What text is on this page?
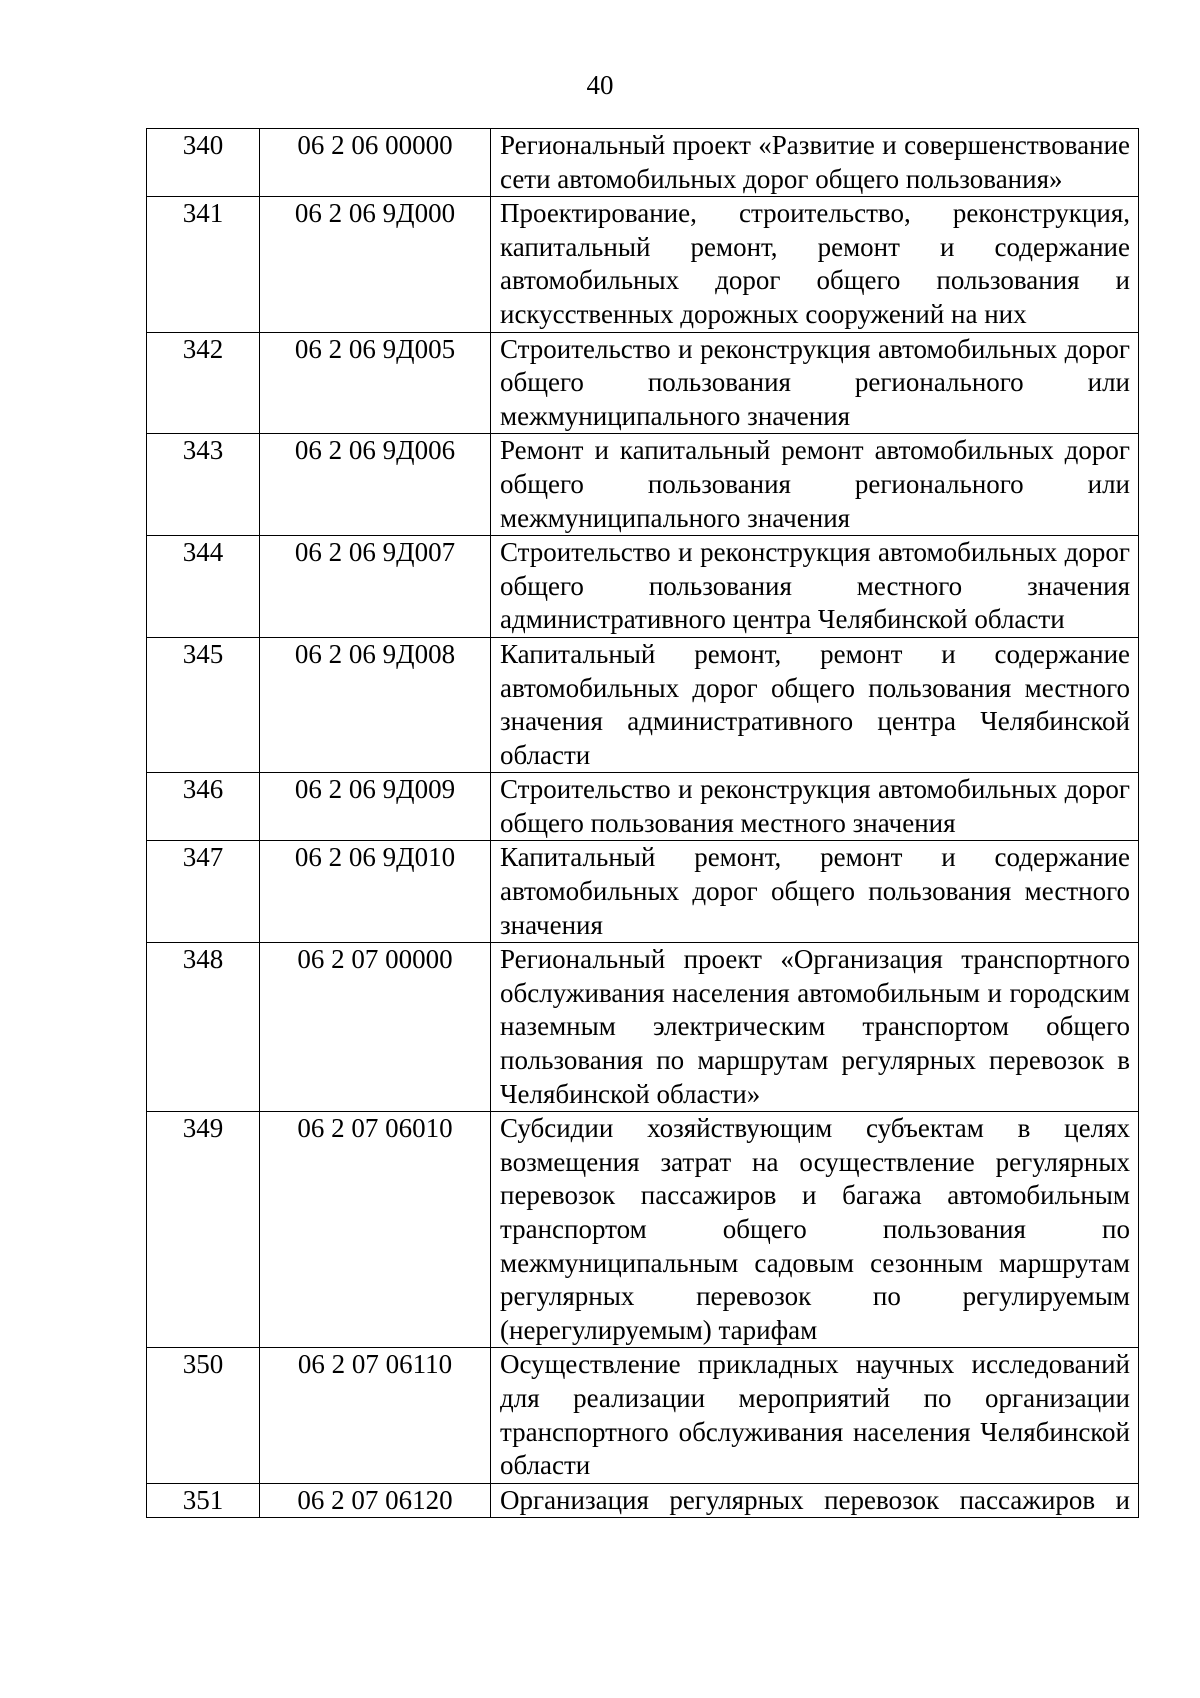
40
340	06 2 06 00000	Региональный проект «Развитие и совершенствование сети автомобильных дорог общего пользования»
341	06 2 06 9Д000	Проектирование, строительство, реконструкция, капитальный ремонт, ремонт и содержание автомобильных дорог общего пользования и искусственных дорожных сооружений на них
342	06 2 06 9Д005	Строительство и реконструкция автомобильных дорог общего пользования регионального или межмуниципального значения
343	06 2 06 9Д006	Ремонт и капитальный ремонт автомобильных дорог общего пользования регионального или межмуниципального значения
344	06 2 06 9Д007	Строительство и реконструкция автомобильных дорог общего пользования местного значения административного центра Челябинской области
345	06 2 06 9Д008	Капитальный ремонт, ремонт и содержание автомобильных дорог общего пользования местного значения административного центра Челябинской области
346	06 2 06 9Д009	Строительство и реконструкция автомобильных дорог общего пользования местного значения
347	06 2 06 9Д010	Капитальный ремонт, ремонт и содержание автомобильных дорог общего пользования местного значения
348	06 2 07 00000	Региональный проект «Организация транспортного обслуживания населения автомобильным и городским наземным электрическим транспортом общего пользования по маршрутам регулярных перевозок в Челябинской области»
349	06 2 07 06010	Субсидии хозяйствующим субъектам в целях возмещения затрат на осуществление регулярных перевозок пассажиров и багажа автомобильным транспортом общего пользования по межмуниципальным садовым сезонным маршрутам регулярных перевозок по регулируемым (нерегулируемым) тарифам
350	06 2 07 06110	Осуществление прикладных научных исследований для реализации мероприятий по организации транспортного обслуживания населения Челябинской области
351	06 2 07 06120	Организация регулярных перевозок пассажиров и
